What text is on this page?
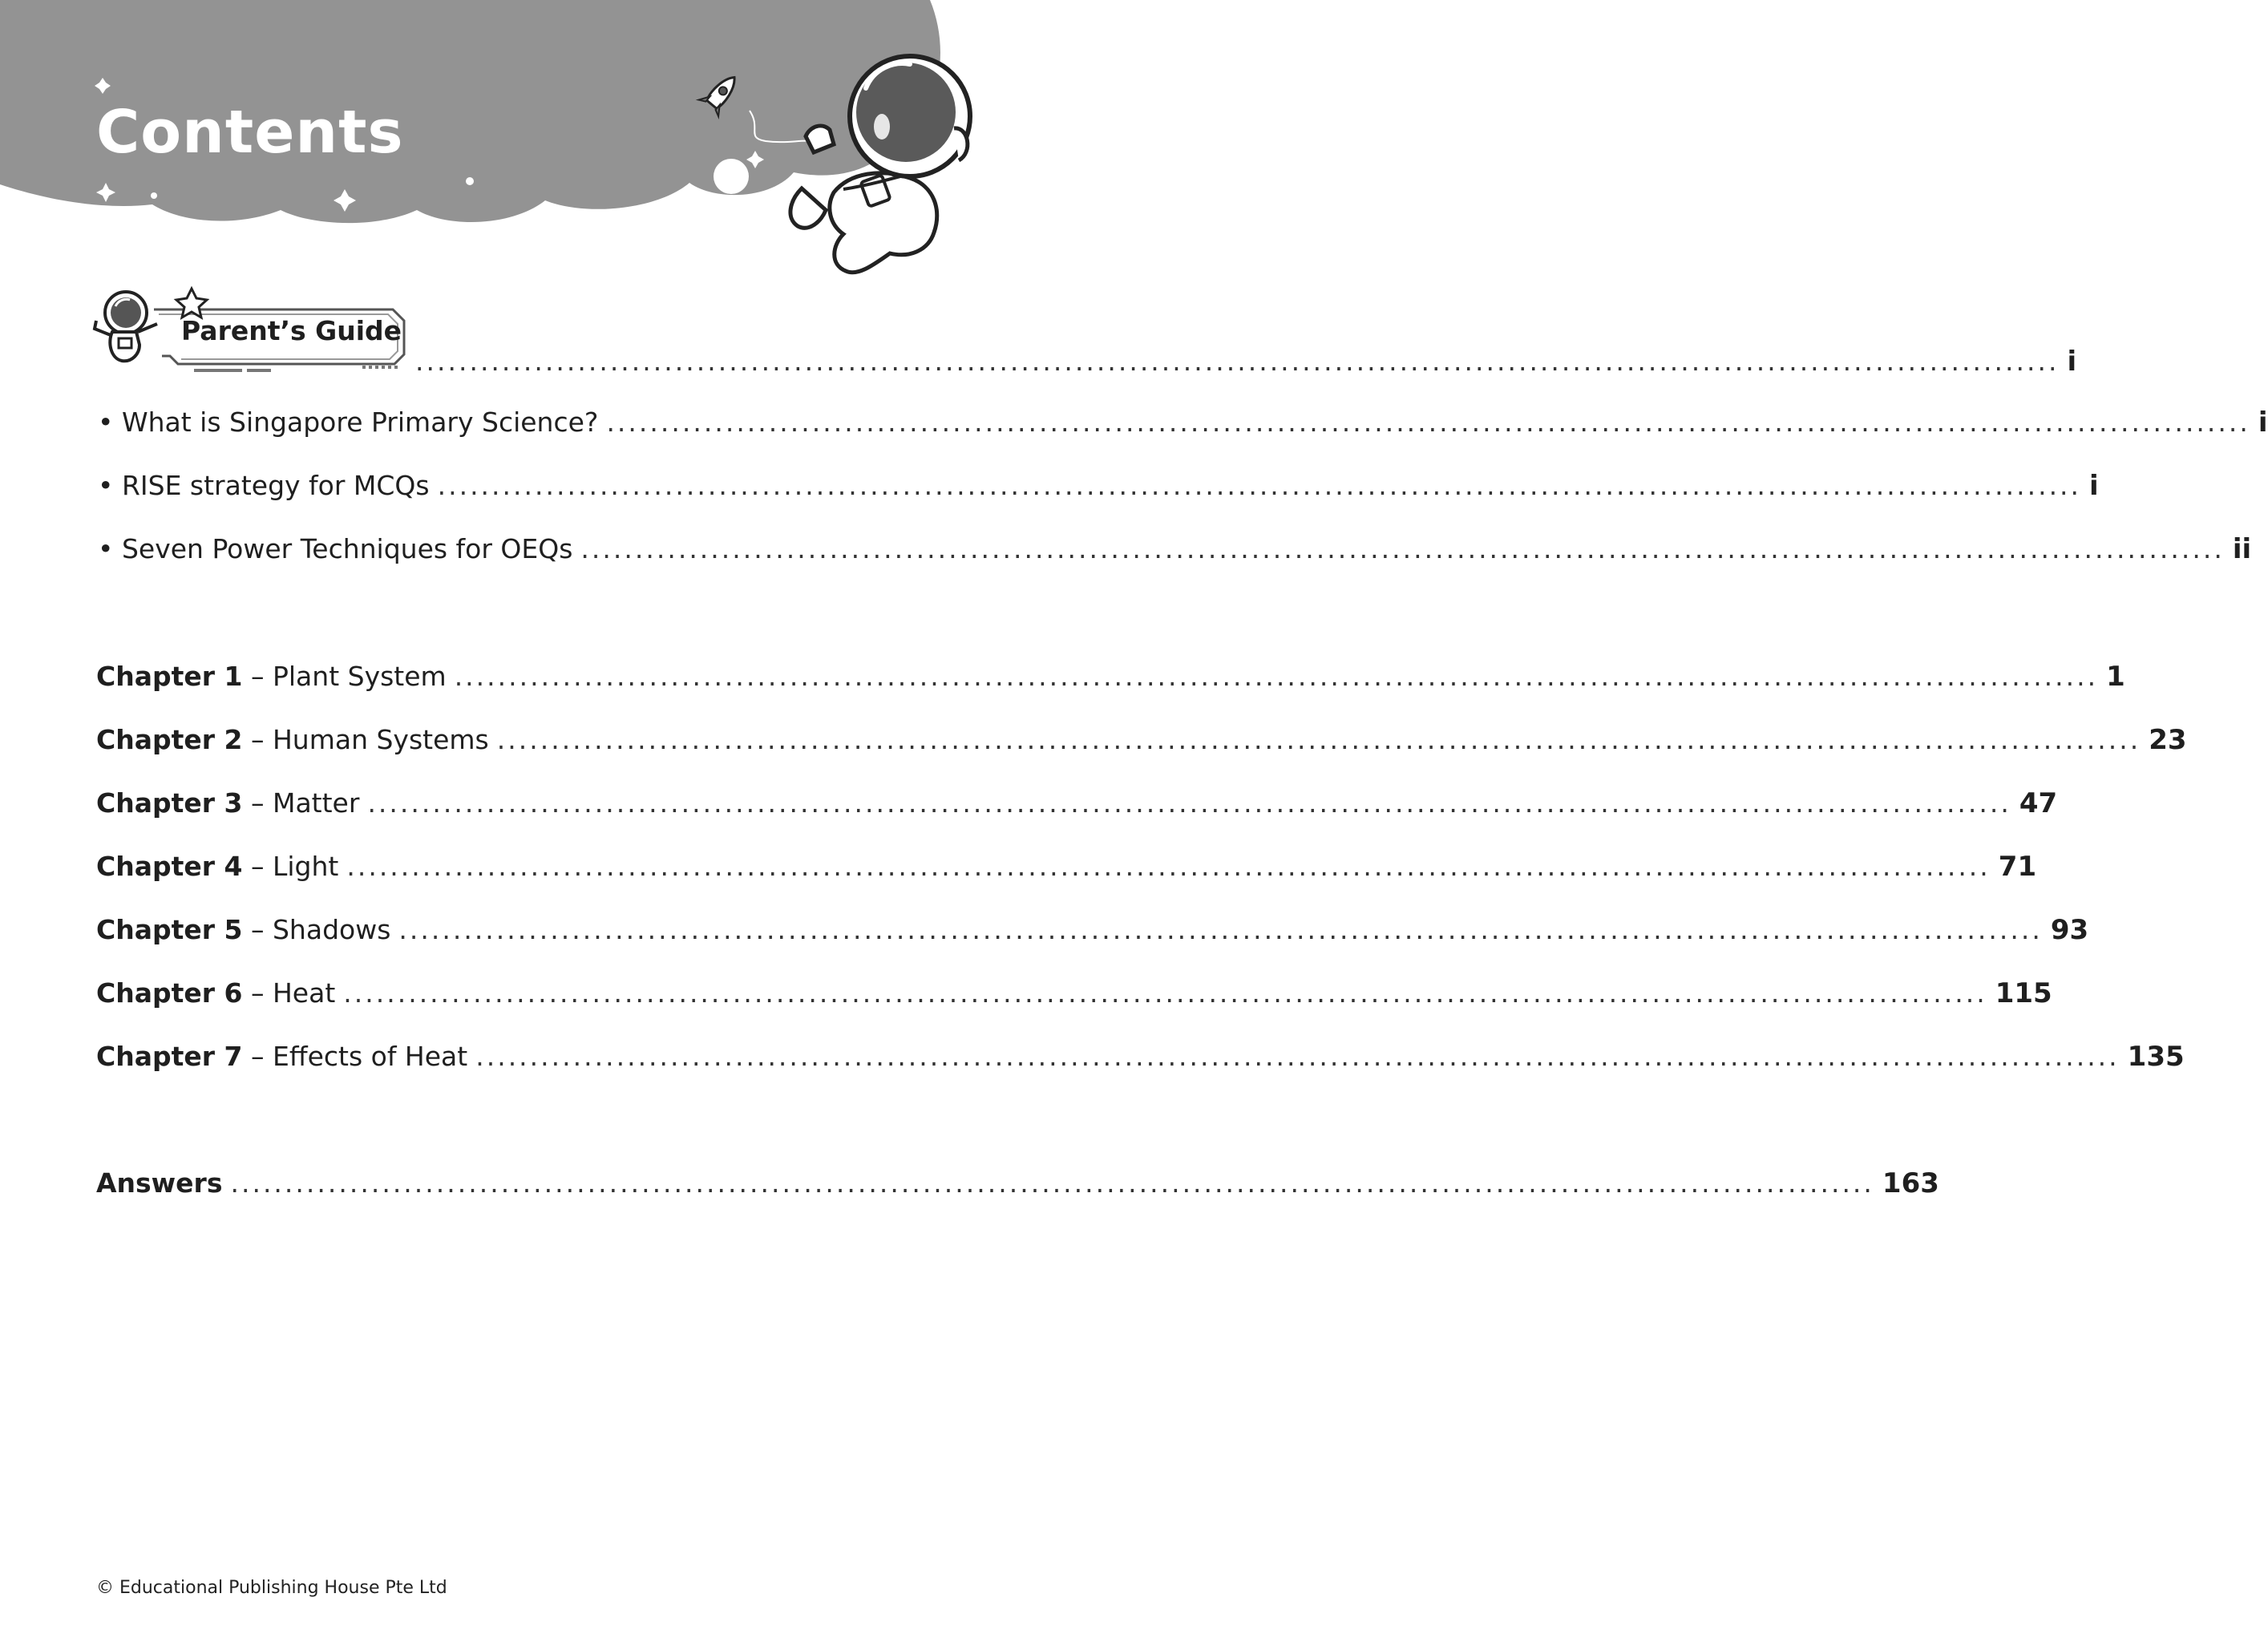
Contents
Parent’s Guide
........................................................................................................................................................ i
• What is Singapore Primary Science? ........................................................................................................................................................ i
• RISE strategy for MCQs ........................................................................................................................................................ i
• Seven Power Techniques for OEQs ........................................................................................................................................................ ii
Chapter 1 – Plant System ........................................................................................................................................................ 1
Chapter 2 – Human Systems ........................................................................................................................................................ 23
Chapter 3 – Matter ........................................................................................................................................................ 47
Chapter 4 – Light ........................................................................................................................................................ 71
Chapter 5 – Shadows ........................................................................................................................................................ 93
Chapter 6 – Heat ........................................................................................................................................................ 115
Chapter 7 – Effects of Heat ........................................................................................................................................................ 135
Answers ........................................................................................................................................................ 163
© Educational Publishing House Pte Ltd
